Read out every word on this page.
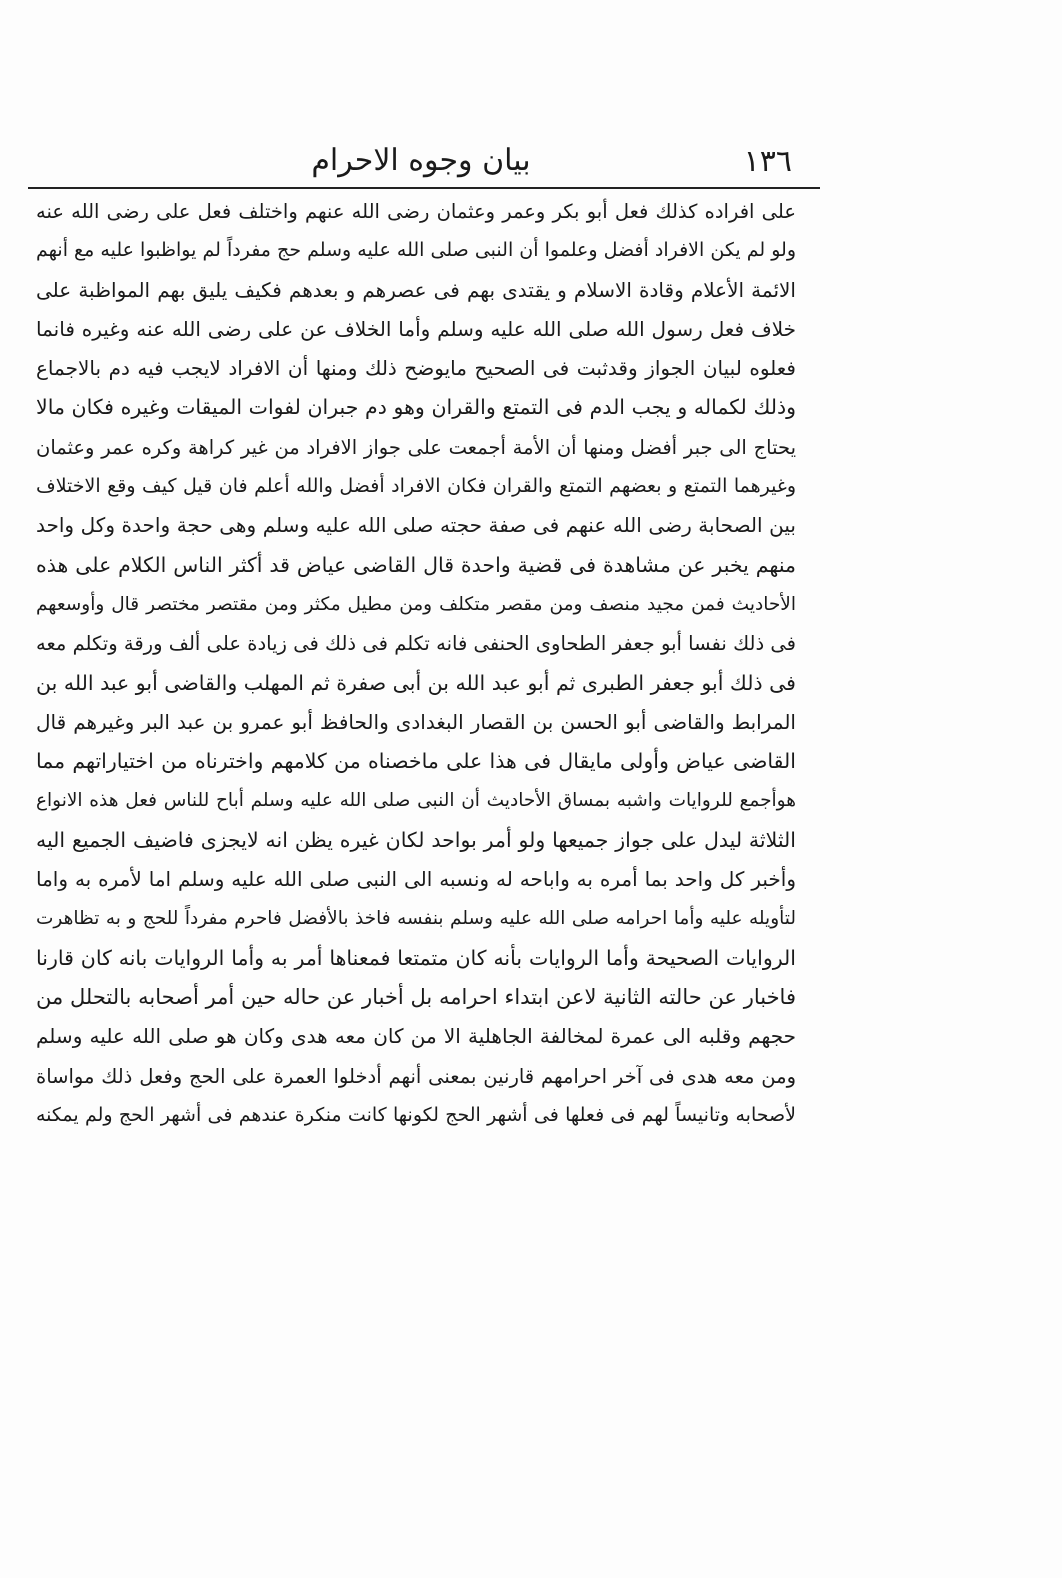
١٣٦
بيان وجوه الاحرام
على افراده كذلك فعل أبو بكر وعمر وعثمان رضى الله عنهم واختلف فعل على رضى الله عنه
ولو لم يكن الافراد أفضل وعلموا أن النبى صلى الله عليه وسلم حج مفرداً لم يواظبوا عليه مع أنهم
الائمة الأعلام وقادة الاسلام و يقتدى بهم فى عصرهم و بعدهم فكيف يليق بهم المواظبة على
خلاف فعل رسول الله صلى الله عليه وسلم وأما الخلاف عن على رضى الله عنه وغيره فانما
فعلوه لبيان الجواز وقدثبت فى الصحيح مايوضح ذلك ومنها أن الافراد لايجب فيه دم بالاجماع
وذلك لكماله و يجب الدم فى التمتع والقران وهو دم جبران لفوات الميقات وغيره فكان مالا
يحتاج الى جبر أفضل ومنها أن الأمة أجمعت على جواز الافراد من غير كراهة وكره عمر وعثمان
وغيرهما التمتع و بعضهم التمتع والقران فكان الافراد أفضل والله أعلم فان قيل كيف وقع الاختلاف
بين الصحابة رضى الله عنهم فى صفة حجته صلى الله عليه وسلم وهى حجة واحدة وكل واحد
منهم يخبر عن مشاهدة فى قضية واحدة قال القاضى عياض قد أكثر الناس الكلام على هذه
الأحاديث فمن مجيد منصف ومن مقصر متكلف ومن مطيل مكثر ومن مقتصر مختصر قال وأوسعهم
فى ذلك نفسا أبو جعفر الطحاوى الحنفى فانه تكلم فى ذلك فى زيادة على ألف ورقة وتكلم معه
فى ذلك أبو جعفر الطبرى ثم أبو عبد الله بن أبى صفرة ثم المهلب والقاضى أبو عبد الله بن
المرابط والقاضى أبو الحسن بن القصار البغدادى والحافظ أبو عمرو بن عبد البر وغيرهم قال
القاضى عياض وأولى مايقال فى هذا على ماخصناه من كلامهم واخترناه من اختياراتهم مما
هوأجمع للروايات واشبه بمساق الأحاديث أن النبى صلى الله عليه وسلم أباح للناس فعل هذه الانواع
الثلاثة ليدل على جواز جميعها ولو أمر بواحد لكان غيره يظن انه لايجزى فاضيف الجميع اليه
وأخبر كل واحد بما أمره به واباحه له ونسبه الى النبى صلى الله عليه وسلم اما لأمره به واما
لتأويله عليه وأما احرامه صلى الله عليه وسلم بنفسه فاخذ بالأفضل فاحرم مفرداً للحج و به تظاهرت
الروايات الصحيحة وأما الروايات بأنه كان متمتعا فمعناها أمر به وأما الروايات بانه كان قارنا
فاخبار عن حالته الثانية لاعن ابتداء احرامه بل أخبار عن حاله حين أمر أصحابه بالتحلل من
حجهم وقلبه الى عمرة لمخالفة الجاهلية الا من كان معه هدى وكان هو صلى الله عليه وسلم
ومن معه هدى فى آخر احرامهم قارنين بمعنى أنهم أدخلوا العمرة على الحج وفعل ذلك مواساة
لأصحابه وتانيساً لهم فى فعلها فى أشهر الحج لكونها كانت منكرة عندهم فى أشهر الحج ولم يمكنه
